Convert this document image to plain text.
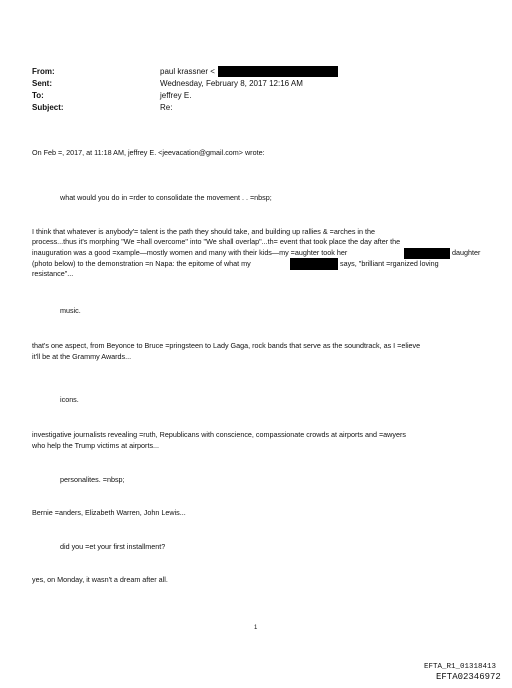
From:	paul krassner <
Sent:	Wednesday, February 8, 2017 12:16 AM
To:	jeffrey E.
Subject:	Re:
On Feb =, 2017, at 11:18 AM, jeffrey E. <jeevacation@gmail.com> wrote:
what would you do in =rder to consolidate the movement . . =nbsp;
I think that whatever is anybody'= talent is the path they should take, and building up rallies & =arches in the
process...thus it's morphing "We =hall overcome" into "We shall overlap"...th= event that took place the day after the
inauguration was a good =xample—mostly women and many with their kids—my =aughter took her	daughter
(photo below) to the demonstration =n Napa: the epitome of what my	says, "brilliant =rganized loving
resistance"...
music.
that's one aspect, from Beyonce to Bruce =pringsteen to Lady Gaga, rock bands that serve as the soundtrack, as I =elieve
it'll be at the Grammy Awards...
icons.
investigative journalists revealing =ruth, Republicans with conscience, compassionate crowds at airports and =awyers
who help the Trump victims at airports...
personalites. =nbsp;
Bernie =anders, Elizabeth Warren, John Lewis...
did you =et your first installment?
yes, on Monday, it wasn't a dream after all.
1
EFTA_R1_01318413
EFTA02346972
